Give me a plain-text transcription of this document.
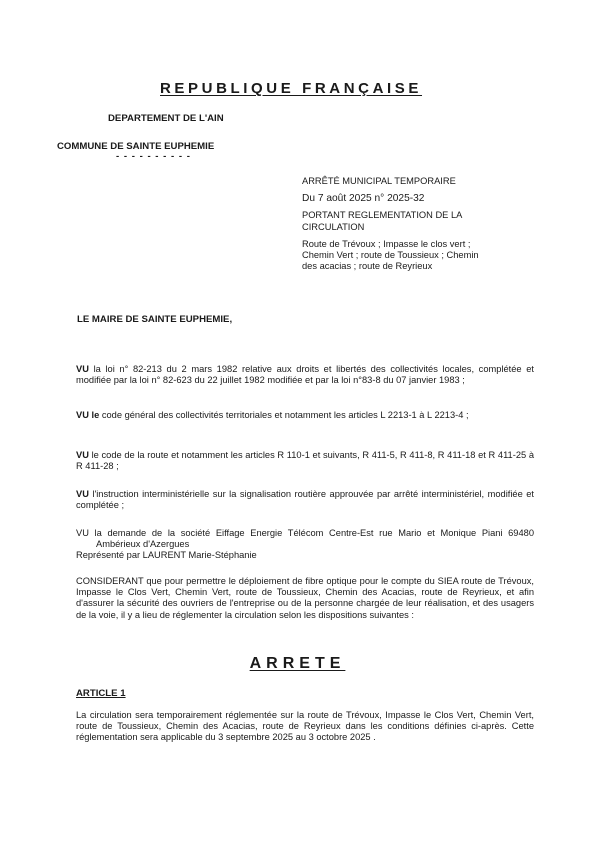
REPUBLIQUE FRANÇAISE
DEPARTEMENT DE L'AIN
COMMUNE DE SAINTE EUPHEMIE
- - - - - - - - - -

ARRÊTÉ MUNICIPAL TEMPORAIRE

Du 7 août 2025 n° 2025-32

PORTANT REGLEMENTATION DE LA

CIRCULATION

Route de Trévoux ; Impasse le clos vert ;

Chemin Vert ; route de Toussieux ; Chemin

des acacias ; route de Reyrieux

LE MAIRE DE SAINTE EUPHEMIE,
VU la loi n° 82-213 du 2 mars 1982 relative aux droits et libertés des collectivités locales, complétée et modifiée par la loi n° 82-623 du 22 juillet 1982 modifiée et par la loi n°83-8 du 07 janvier 1983 ;
VU le code général des collectivités territoriales et notamment les articles L 2213-1 à L 2213-4 ;
VU le code de la route et notamment les articles R 110-1 et suivants, R 411-5, R 411-8, R 411-18 et R 411-25 à R 411-28 ;
VU l'instruction interministérielle sur la signalisation routière approuvée par arrêté interministériel, modifiée et complétée ;
VU la demande de la société Eiffage Energie Télécom Centre-Est rue Mario et Monique Piani 69480 Ambérieux d'Azergues
Représenté par LAURENT Marie-Stéphanie
CONSIDERANT que pour permettre le déploiement de fibre optique pour le compte du SIEA route de Trévoux, Impasse le Clos Vert, Chemin Vert, route de Toussieux, Chemin des Acacias, route de Reyrieux, et afin d'assurer la sécurité des ouvriers de l'entreprise ou de la personne chargée de leur réalisation, et des usagers de la voie, il y a lieu de réglementer la circulation selon les dispositions suivantes :
ARRETE
ARTICLE 1
La circulation sera temporairement réglementée sur la route de Trévoux, Impasse le Clos Vert, Chemin Vert, route de Toussieux, Chemin des Acacias, route de Reyrieux dans les conditions définies ci-après. Cette réglementation sera applicable du 3 septembre 2025 au 3 octobre 2025 .
